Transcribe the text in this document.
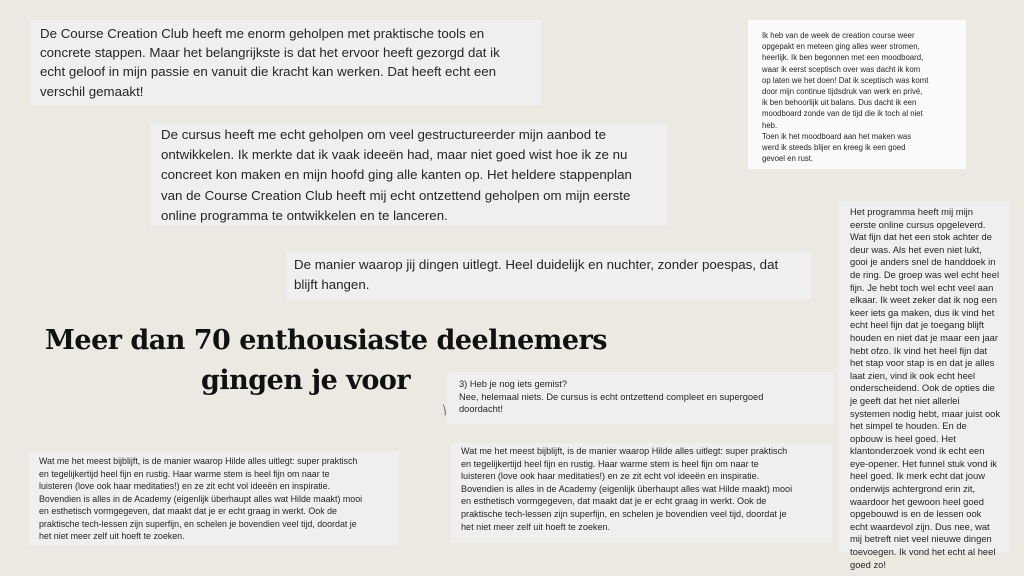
De Course Creation Club heeft me enorm geholpen met praktische tools en
concrete stappen. Maar het belangrijkste is dat het ervoor heeft gezorgd dat ik
echt geloof in mijn passie en vanuit die kracht kan werken. Dat heeft echt een
verschil gemaakt!

De cursus heeft me echt geholpen om veel gestructureerder mijn aanbod te
ontwikkelen. Ik merkte dat ik vaak ideeën had, maar niet goed wist hoe ik ze nu
concreet kon maken en mijn hoofd ging alle kanten op. Het heldere stappenplan
van de Course Creation Club heeft mij echt ontzettend geholpen om mijn eerste
online programma te ontwikkelen en te lanceren.

De manier waarop jij dingen uitlegt. Heel duidelijk en nuchter, zonder poespas, dat
blijft hangen.

Ik heb van de week de creation course weer
opgepakt en meteen ging alles weer stromen,
heerlijk. Ik ben begonnen met een moodboard,
waar ik eerst sceptisch over was dacht ik kom
op laten we het doen! Dat ik sceptisch was komt
door mijn continue tijdsdruk van werk en privé,
ik ben behoorlijk uit balans. Dus dacht ik een
moodboard zonde van de tijd die ik toch al niet
heb.
Toen ik het moodboard aan het maken was
werd ik steeds blijer en kreeg ik een goed
gevoel en rust.

Het programma heeft mij mijn
eerste online cursus opgeleverd.
Wat fijn dat het een stok achter de
deur was. Als het even niet lukt,
gooi je anders snel de handdoek in
de ring. De groep was wel echt heel
fijn. Je hebt toch wel echt veel aan
elkaar. Ik weet zeker dat ik nog een
keer iets ga maken, dus ik vind het
echt heel fijn dat je toegang blijft
houden en niet dat je maar een jaar
hebt ofzo. Ik vind het heel fijn dat
het stap voor stap is en dat je alles
laat zien, vind ik ook echt heel
onderscheidend. Ook de opties die
je geeft dat het niet allerlei
systemen nodig hebt, maar juist ook
het simpel te houden. En de
opbouw is heel goed. Het
klantonderzoek vond ik echt een
eye-opener. Het funnel stuk vond ik
heel goed. Ik merk echt dat jouw
onderwijs achtergrond erin zit,
waardoor het gewoon heel goed
opgebouwd is en de lessen ook
echt waardevol zijn. Dus nee, wat
mij betreft niet veel nieuwe dingen
toevoegen. Ik vond het echt al heel
goed zo!

3) Heb je nog iets gemist?
Nee, helemaal niets. De cursus is echt ontzettend compleet en supergoed
doordacht!

Wat me het meest bijblijft, is de manier waarop Hilde alles uitlegt: super praktisch
en tegelijkertijd heel fijn en rustig. Haar warme stem is heel fijn om naar te
luisteren (love ook haar meditaties!) en ze zit echt vol ideeën en inspiratie.
Bovendien is alles in de Academy (eigenlijk überhaupt alles wat Hilde maakt) mooi
en esthetisch vormgegeven, dat maakt dat je er echt graag in werkt. Ook de
praktische tech-lessen zijn superfijn, en schelen je bovendien veel tijd, doordat je
het niet meer zelf uit hoeft te zoeken.

Wat me het meest bijblijft, is de manier waarop Hilde alles uitlegt: super praktisch
en tegelijkertijd heel fijn en rustig. Haar warme stem is heel fijn om naar te
luisteren (love ook haar meditaties!) en ze zit echt vol ideeën en inspiratie.
Bovendien is alles in de Academy (eigenlijk überhaupt alles wat Hilde maakt) mooi
en esthetisch vormgegeven, dat maakt dat je er echt graag in werkt. Ook de
praktische tech-lessen zijn superfijn, en schelen je bovendien veel tijd, doordat je
het niet meer zelf uit hoeft te zoeken.

⎞
Meer dan 70 enthousiaste deelnemers
gingen je voor
